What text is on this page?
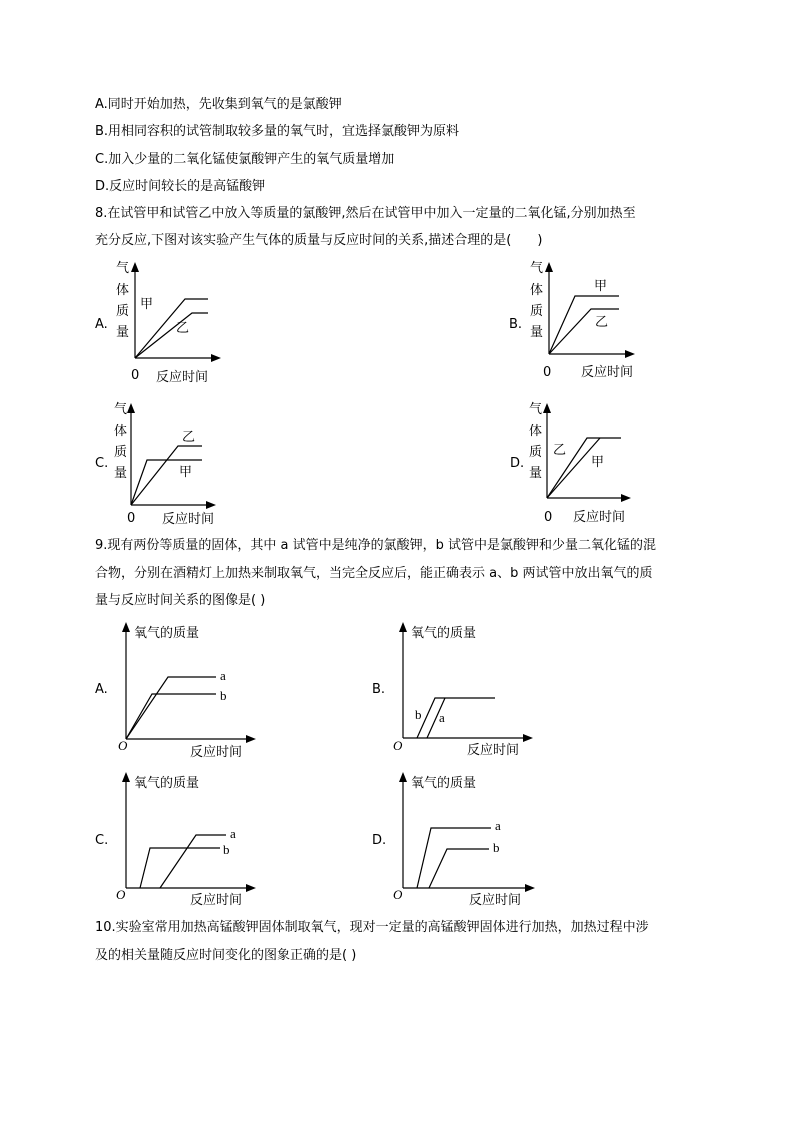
A.同时开始加热，先收集到氧气的是氯酸钾
B.用相同容积的试管制取较多量的氧气时，宜选择氯酸钾为原料
C.加入少量的二氧化锰使氯酸钾产生的氧气质量增加
D.反应时间较长的是高锰酸钾
8.在试管甲和试管乙中放入等质量的氯酸钾,然后在试管甲中加入一定量的二氧化锰,分别加热至
充分反应,下图对该实验产生气体的质量与反应时间的关系,描述合理的是(　　)
A.
气
体
质
量
甲
乙
0 反应时间
B.
气
体
质
量
甲
乙
0 反应时间
C.
气
体
质
量
乙
甲
0 反应时间
D.
气
体
质
量
乙
甲
0 反应时间
9.现有两份等质量的固体，其中 a 试管中是纯净的氯酸钾，b 试管中是氯酸钾和少量二氧化锰的混
合物，分别在酒精灯上加热来制取氧气，当完全反应后，能正确表示 a、b 两试管中放出氧气的质
量与反应时间关系的图像是( )
A.
氧气的质量
a
b
O	反应时间
B.
氧气的质量
b a
O	反应时间
C.
氧气的质量
a
b
O	反应时间
D.
氧气的质量
a
b
O	反应时间
10.实验室常用加热高锰酸钾固体制取氧气，现对一定量的高锰酸钾固体进行加热，加热过程中涉
及的相关量随反应时间变化的图象正确的是( )
